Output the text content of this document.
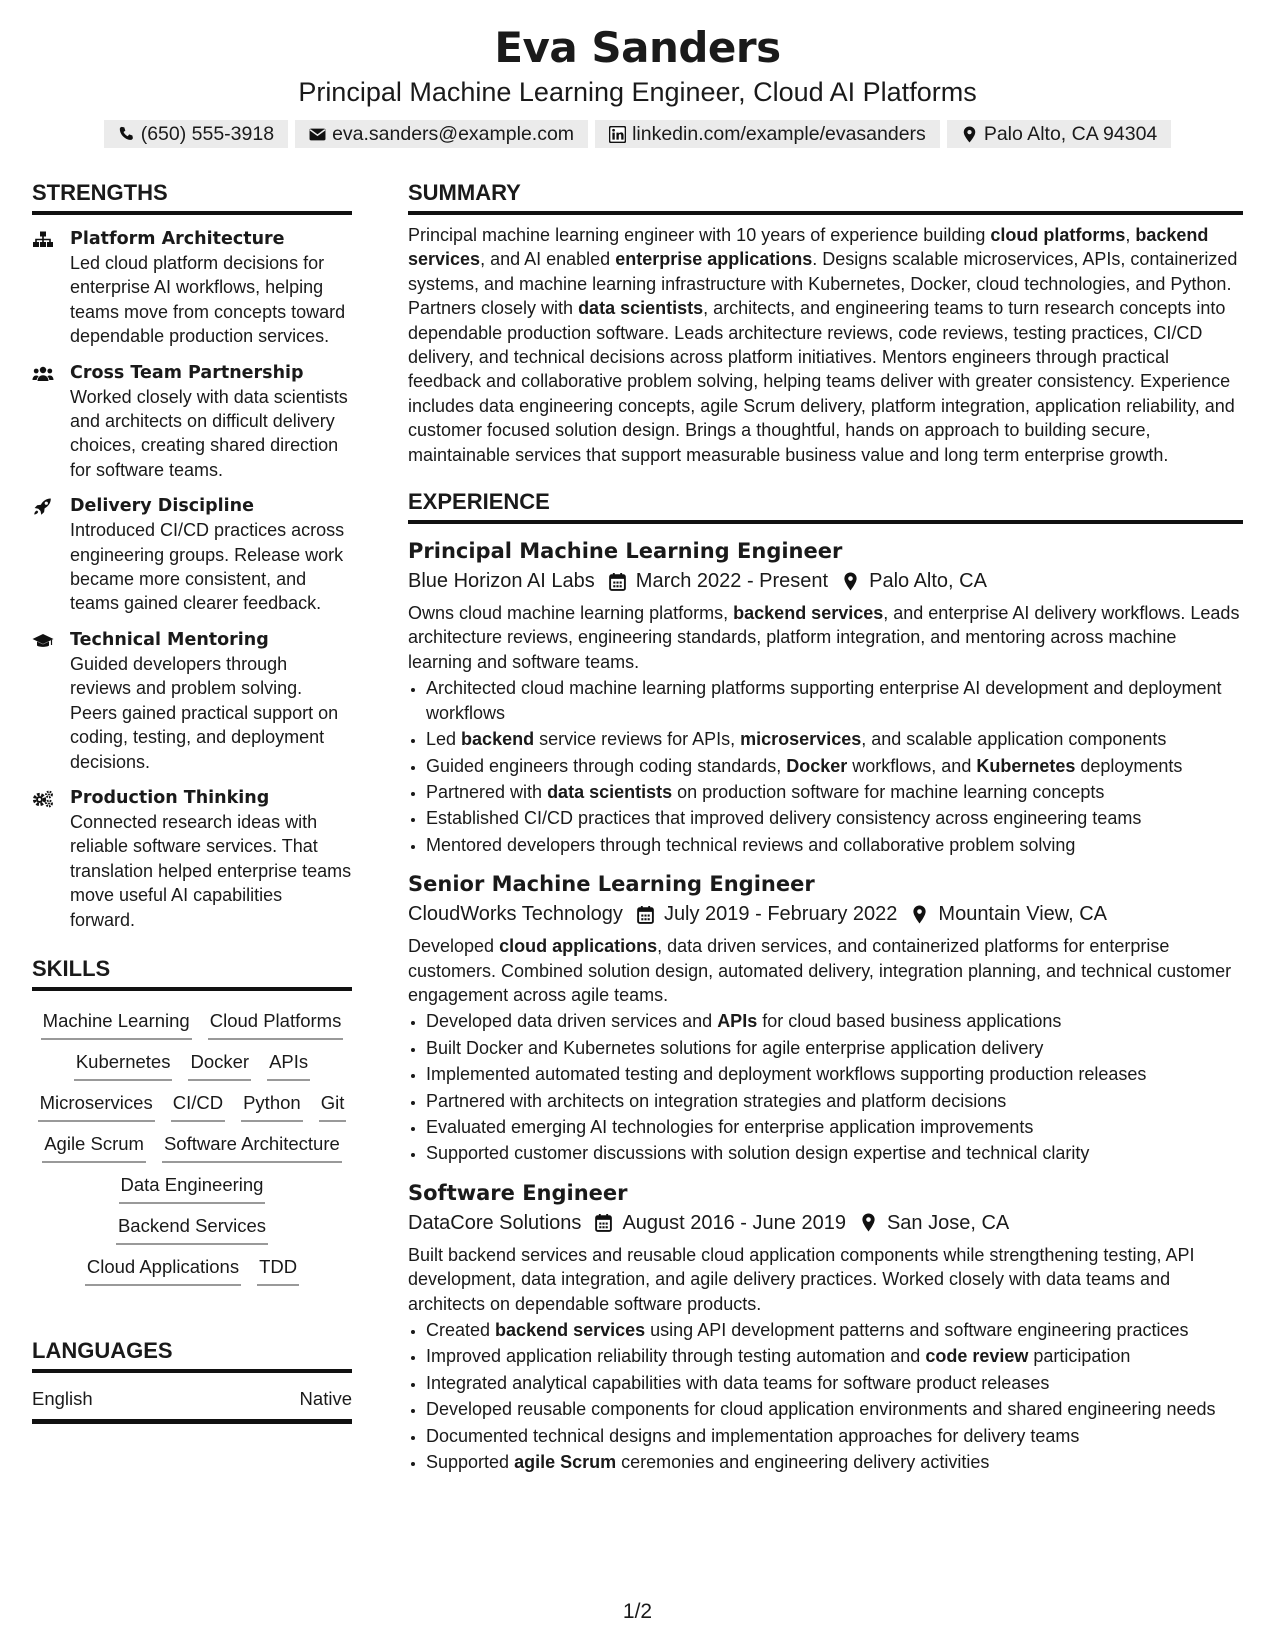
Eva Sanders
Principal Machine Learning Engineer, Cloud AI Platforms
(650) 555-3918	eva.sanders@example.com	linkedin.com/example/evasanders	Palo Alto, CA 94304
STRENGTHS
Platform Architecture
Led cloud platform decisions for enterprise AI workflows, helping teams move from concepts toward dependable production services.
Cross Team Partnership
Worked closely with data scientists and architects on difficult delivery choices, creating shared direction for software teams.
Delivery Discipline
Introduced CI/CD practices across engineering groups. Release work became more consistent, and teams gained clearer feedback.
Technical Mentoring
Guided developers through reviews and problem solving. Peers gained practical support on coding, testing, and deployment decisions.
Production Thinking
Connected research ideas with reliable software services. That translation helped enterprise teams move useful AI capabilities forward.
SKILLS
Machine Learning Cloud Platforms
Kubernetes Docker APIs
Microservices CI/CD Python Git
Agile Scrum Software Architecture
Data Engineering
Backend Services
Cloud Applications TDD
LANGUAGES
English	Native
SUMMARY
Principal machine learning engineer with 10 years of experience building cloud platforms, backend services, and AI enabled enterprise applications. Designs scalable microservices, APIs, containerized systems, and machine learning infrastructure with Kubernetes, Docker, cloud technologies, and Python. Partners closely with data scientists, architects, and engineering teams to turn research concepts into dependable production software. Leads architecture reviews, code reviews, testing practices, CI/CD delivery, and technical decisions across platform initiatives. Mentors engineers through practical feedback and collaborative problem solving, helping teams deliver with greater consistency. Experience includes data engineering concepts, agile Scrum delivery, platform integration, application reliability, and customer focused solution design. Brings a thoughtful, hands on approach to building secure, maintainable services that support measurable business value and long term enterprise growth.
EXPERIENCE
Principal Machine Learning Engineer
Blue Horizon AI Labs March 2022 - Present Palo Alto, CA
Owns cloud machine learning platforms, backend services, and enterprise AI delivery workflows. Leads architecture reviews, engineering standards, platform integration, and mentoring across machine learning and software teams.
• Architected cloud machine learning platforms supporting enterprise AI development and deployment workflows
• Led backend service reviews for APIs, microservices, and scalable application components
• Guided engineers through coding standards, Docker workflows, and Kubernetes deployments
• Partnered with data scientists on production software for machine learning concepts
• Established CI/CD practices that improved delivery consistency across engineering teams
• Mentored developers through technical reviews and collaborative problem solving
Senior Machine Learning Engineer
CloudWorks Technology July 2019 - February 2022 Mountain View, CA
Developed cloud applications, data driven services, and containerized platforms for enterprise customers. Combined solution design, automated delivery, integration planning, and technical customer engagement across agile teams.
• Developed data driven services and APIs for cloud based business applications
• Built Docker and Kubernetes solutions for agile enterprise application delivery
• Implemented automated testing and deployment workflows supporting production releases
• Partnered with architects on integration strategies and platform decisions
• Evaluated emerging AI technologies for enterprise application improvements
• Supported customer discussions with solution design expertise and technical clarity
Software Engineer
DataCore Solutions August 2016 - June 2019 San Jose, CA
Built backend services and reusable cloud application components while strengthening testing, API development, data integration, and agile delivery practices. Worked closely with data teams and architects on dependable software products.
• Created backend services using API development patterns and software engineering practices
• Improved application reliability through testing automation and code review participation
• Integrated analytical capabilities with data teams for software product releases
• Developed reusable components for cloud application environments and shared engineering needs
• Documented technical designs and implementation approaches for delivery teams
• Supported agile Scrum ceremonies and engineering delivery activities
1/2
